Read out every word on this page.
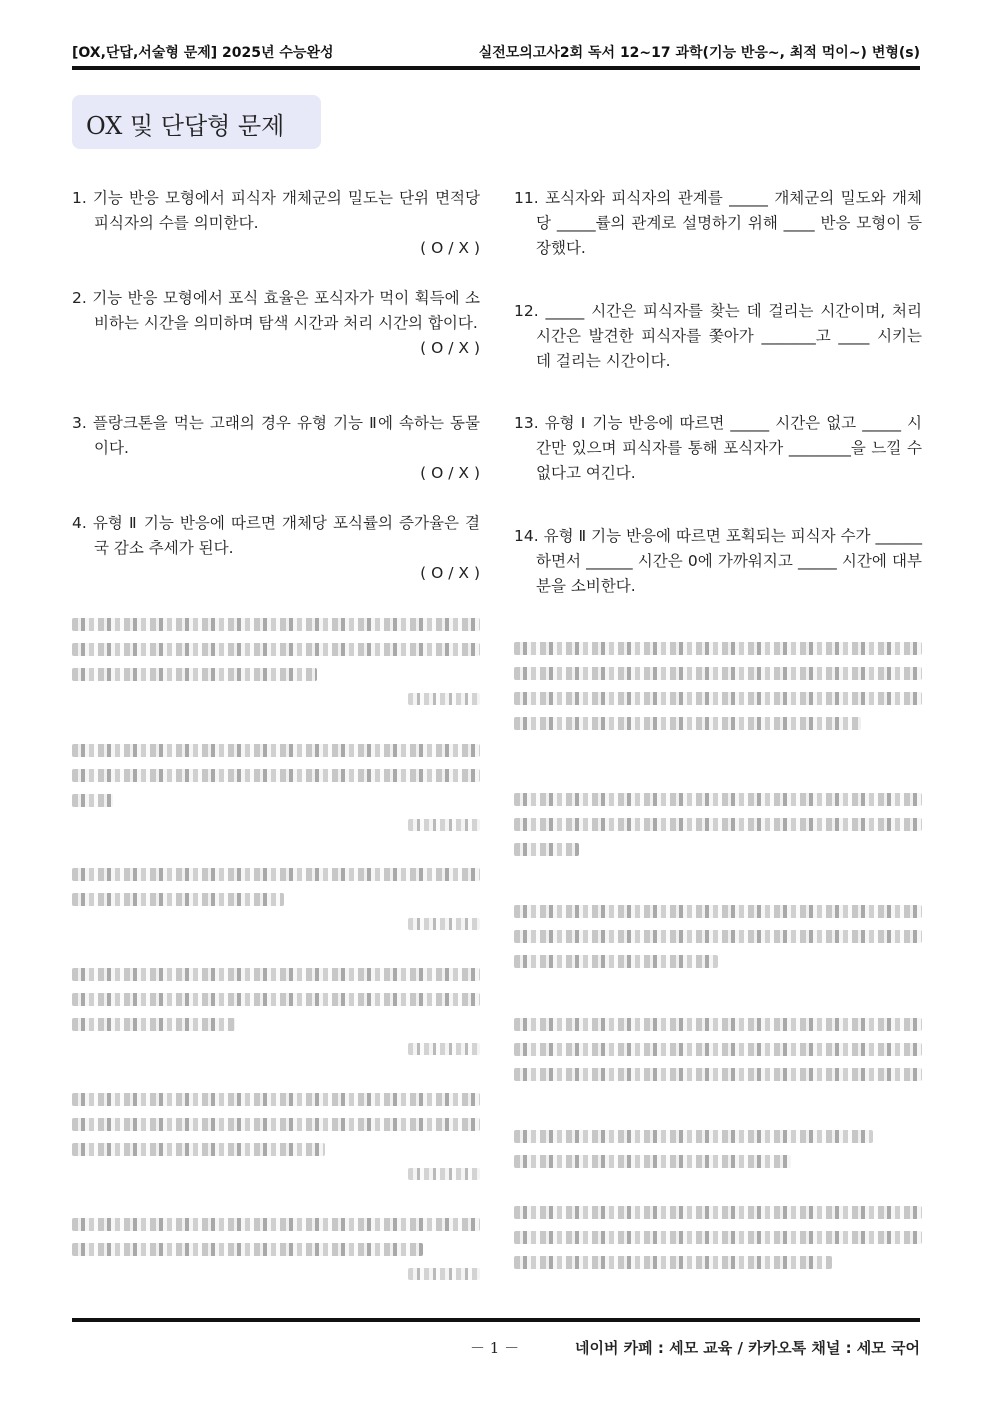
[OX,단답,서술형 문제] 2025년 수능완성	실전모의고사2회 독서 12~17 과학(기능 반응~, 최적 먹이~) 변형(s)
OX 및 단답형 문제
1. 기능 반응 모형에서 피식자 개체군의 밀도는 단위 면적당 피식자의 수를 의미한다.
( O / X )
2. 기능 반응 모형에서 포식 효율은 포식자가 먹이 획득에 소비하는 시간을 의미하며 탐색 시간과 처리 시간의 합이다.
( O / X )
3. 플랑크톤을 먹는 고래의 경우 유형 기능 Ⅱ에 속하는 동물이다.
( O / X )
4. 유형 Ⅱ 기능 반응에 따르면 개체당 포식률의 증가율은 결국 감소 추세가 된다.
( O / X )
11. 포식자와 피식자의 관계를 _____ 개체군의 밀도와 개체당 _____률의 관계로 설명하기 위해 ____ 반응 모형이 등장했다.
12. _____ 시간은 피식자를 찾는 데 걸리는 시간이며, 처리 시간은 발견한 피식자를 쫓아가 _______고 ____ 시키는 데 걸리는 시간이다.
13. 유형 Ⅰ 기능 반응에 따르면 _____ 시간은 없고 _____ 시간만 있으며 피식자를 통해 포식자가 ________을 느낄 수 없다고 여긴다.
14. 유형 Ⅱ 기능 반응에 따르면 포획되는 피식자 수가 ______하면서 ______ 시간은 0에 가까워지고 _____ 시간에 대부분을 소비한다.
－ 1 －	네이버 카페 : 세모 교육 / 카카오톡 채널 : 세모 국어
